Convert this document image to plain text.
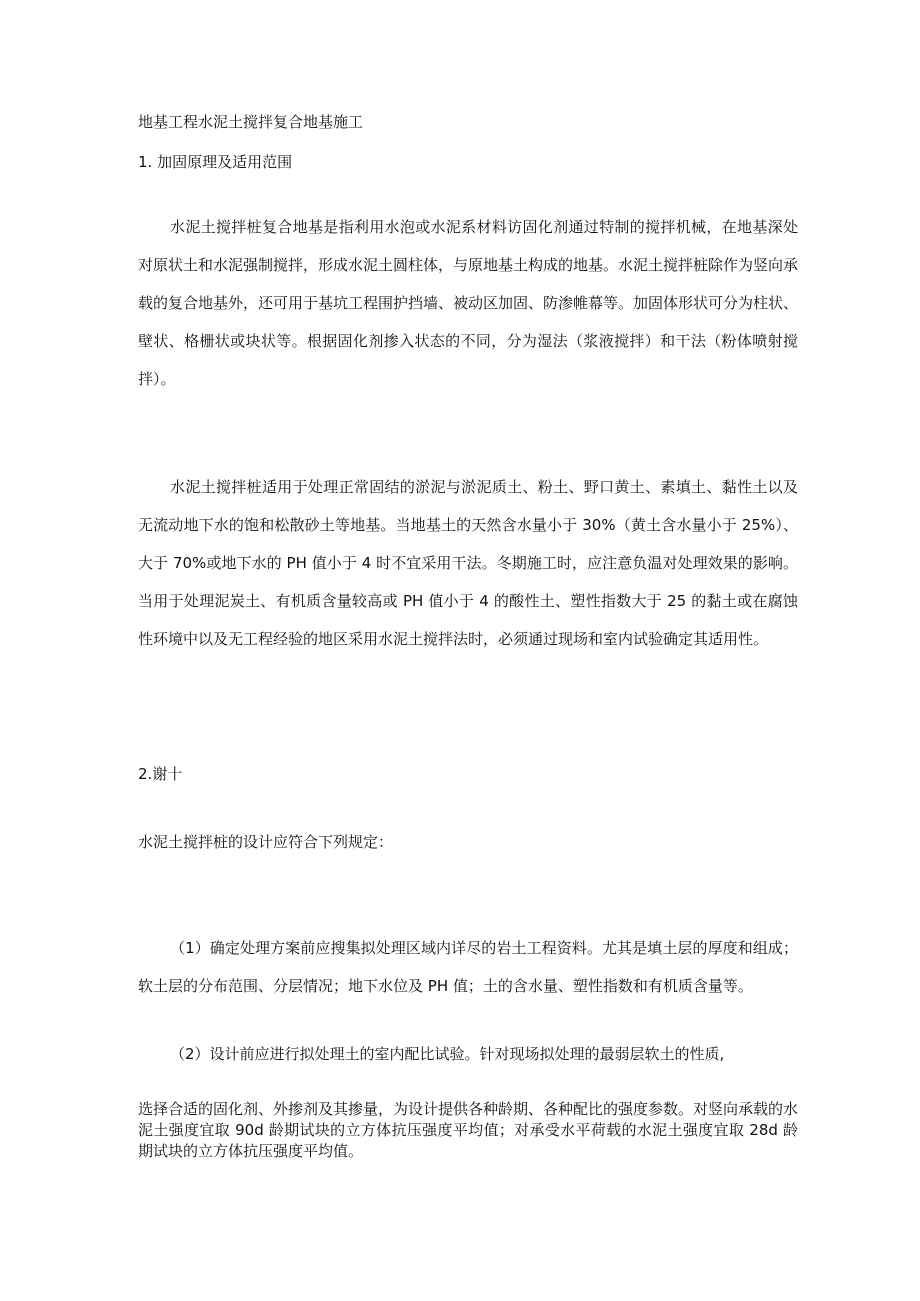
地基工程水泥土搅拌复合地基施工
1. 加固原理及适用范围
水泥土搅拌桩复合地基是指利用水泡或水泥系材料访固化剂通过特制的搅拌机械，在地基深处对原状土和水泥强制搅拌，形成水泥土圆柱体，与原地基土构成的地基。水泥土搅拌桩除作为竖向承载的复合地基外，还可用于基坑工程围护挡墙、被动区加固、防渗帷幕等。加固体形状可分为柱状、壁状、格栅状或块状等。根据固化剂掺入状态的不同，分为湿法（浆液搅拌）和干法（粉体喷射搅拌）。
水泥土搅拌桩适用于处理正常固结的淤泥与淤泥质土、粉土、野口黄土、素填土、黏性土以及无流动地下水的饱和松散砂土等地基。当地基土的天然含水量小于 30%（黄土含水量小于 25%）、大于 70%或地下水的 PH 值小于 4 时不宜采用干法。冬期施工时，应注意负温对处理效果的影响。当用于处理泥炭土、有机质含量较高或 PH 值小于 4 的酸性土、塑性指数大于 25 的黏土或在腐蚀性环境中以及无工程经验的地区采用水泥土搅拌法时，必须通过现场和室内试验确定其适用性。
2.谢十
水泥土搅拌桩的设计应符合下列规定：
（1）确定处理方案前应搜集拟处理区域内详尽的岩土工程资料。尤其是填土层的厚度和组成；软土层的分布范围、分层情况；地下水位及 PH 值；土的含水量、塑性指数和有机质含量等。
（2）设计前应进行拟处理土的室内配比试验。针对现场拟处理的最弱层软土的性质,
选择合适的固化剂、外掺剂及其掺量，为设计提供各种龄期、各种配比的强度参数。对竖向承载的水泥土强度宜取 90d 龄期试块的立方体抗压强度平均值；对承受水平荷载的水泥土强度宜取 28d 龄期试块的立方体抗压强度平均值。
